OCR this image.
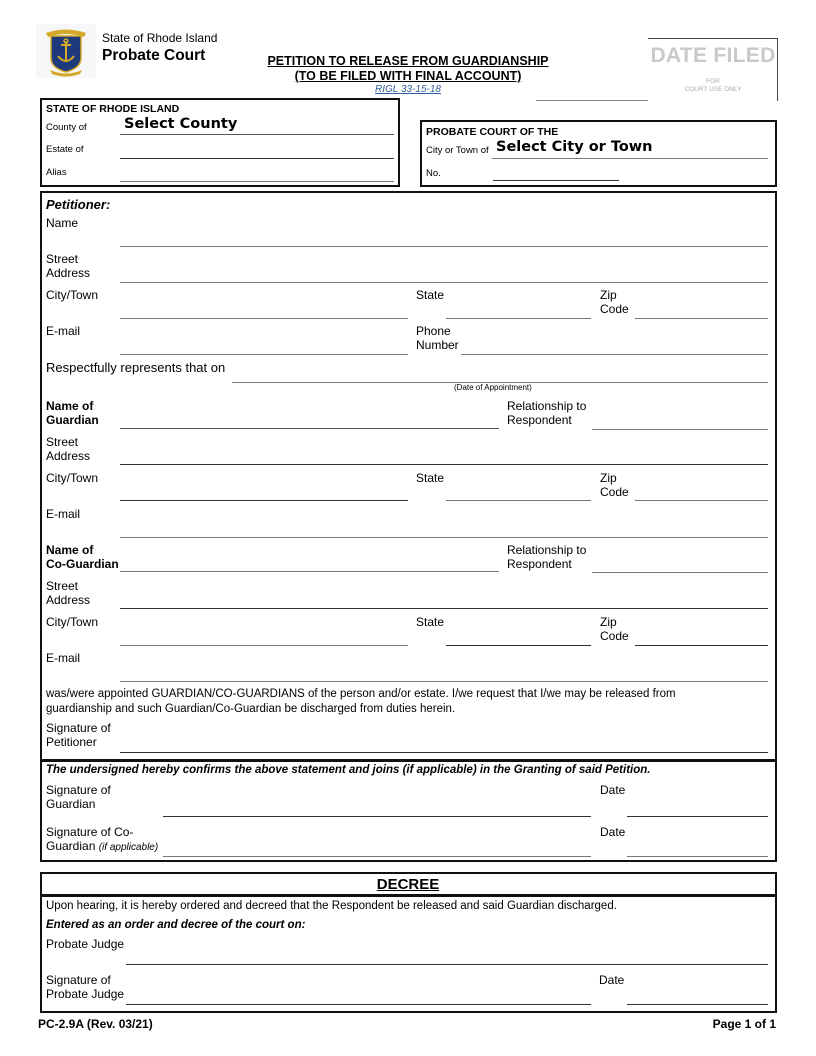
State of Rhode Island
Probate Court	PETITION TO RELEASE FROM GUARDIANSHIP
(TO BE FILED WITH FINAL ACCOUNT)
RIGL 33-15-18
DATE FILED
FOR
COURT USE ONLY
STATE OF RHODE ISLAND
County of	Select County
Estate of
Alias
PROBATE COURT OF THE
City or Town of Select City or Town
No.
Petitioner:
Name
Street
Address
City/Town	State	Zip
Code
E-mail	Phone
Number
Respectfully represents that on
(Date of Appointment)
Name of
Guardian
Relationship to
Respondent
Street
Address
City/Town	State	Zip
Code
E-mail
Name of
Co-Guardian
Relationship to
Respondent
Street
Address
City/Town	State	Zip
Code
E-mail
was/were appointed GUARDIAN/CO-GUARDIANS of the person and/or estate. I/we request that I/we may be released from
guardianship and such Guardian/Co-Guardian be discharged from duties herein.
Signature of
Petitioner
The undersigned hereby confirms the above statement and joins (if applicable) in the Granting of said Petition.
Signature of
Guardian
Date
Signature of Co-
Guardian (if applicable)
Date
DECREE
Upon hearing, it is hereby ordered and decreed that the Respondent be released and said Guardian discharged.
Entered as an order and decree of the court on:
Probate Judge
Signature of
Probate Judge
Date
PC-2.9A (Rev. 03/21)	Page 1 of 1
